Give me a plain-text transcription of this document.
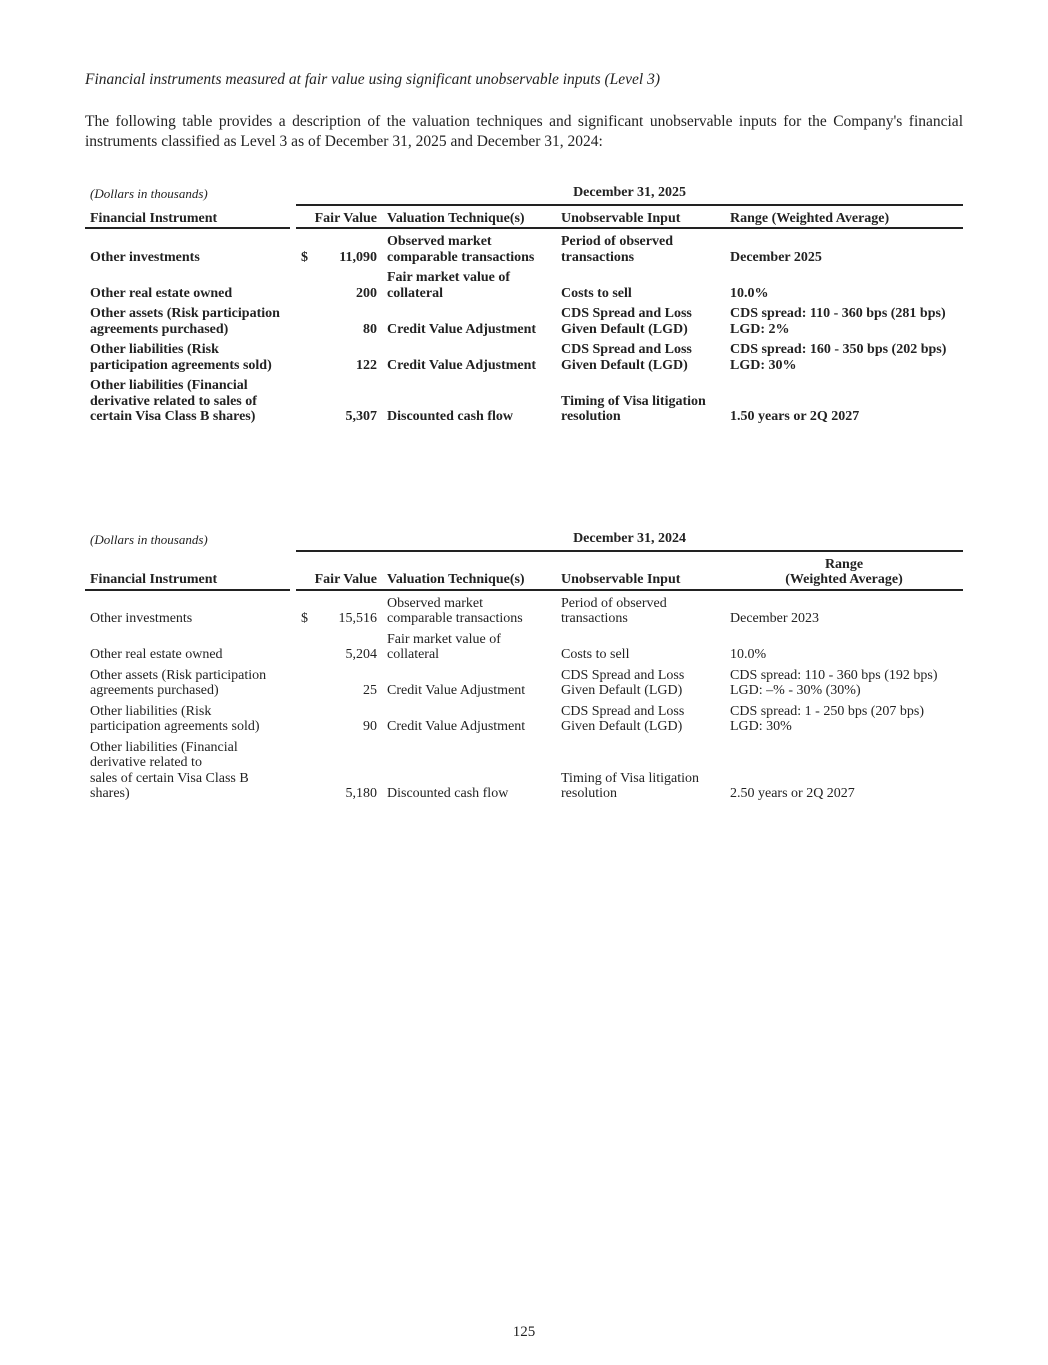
Financial instruments measured at fair value using significant unobservable inputs (Level 3)
The following table provides a description of the valuation techniques and significant unobservable inputs for the Company's financial instruments classified as Level 3 as of December 31, 2025 and December 31, 2024:
(Dollars in thousands)		December 31, 2025			
Financial Instrument		Fair Value	Valuation Technique(s)	Unobservable Input	Range (Weighted Average)
Other investments		$ 11,090	Observed market comparable transactions	Period of observed transactions	December 2025
Other real estate owned		200	Fair market value of collateral	Costs to sell	10.0%
Other assets (Risk participation agreements purchased)		80	Credit Value Adjustment	CDS Spread and Loss Given Default (LGD)	CDS spread: 110 - 360 bps (281 bps)
LGD: 2%
Other liabilities (Risk participation agreements sold)		122	Credit Value Adjustment	CDS Spread and Loss Given Default (LGD)	CDS spread: 160 - 350 bps (202 bps)
LGD: 30%
Other liabilities (Financial derivative related to sales of certain Visa Class B shares)		5,307	Discounted cash flow	Timing of Visa litigation resolution	1.50 years or 2Q 2027
(Dollars in thousands)		December 31, 2024			
Financial Instrument		Fair Value	Valuation Technique(s)	Unobservable Input	Range
(Weighted Average)
Other investments		$ 15,516	Observed market comparable transactions	Period of observed transactions	December 2023
Other real estate owned		5,204	Fair market value of collateral	Costs to sell	10.0%
Other assets (Risk participation agreements purchased)		25	Credit Value Adjustment	CDS Spread and Loss Given Default (LGD)	CDS spread: 110 - 360 bps (192 bps)
LGD: –% - 30% (30%)
Other liabilities (Risk participation agreements sold)		90	Credit Value Adjustment	CDS Spread and Loss Given Default (LGD)	CDS spread: 1 - 250 bps (207 bps)
LGD: 30%
Other liabilities (Financial derivative related to
sales of certain Visa Class B shares)		5,180	Discounted cash flow	Timing of Visa litigation resolution	2.50 years or 2Q 2027
125
